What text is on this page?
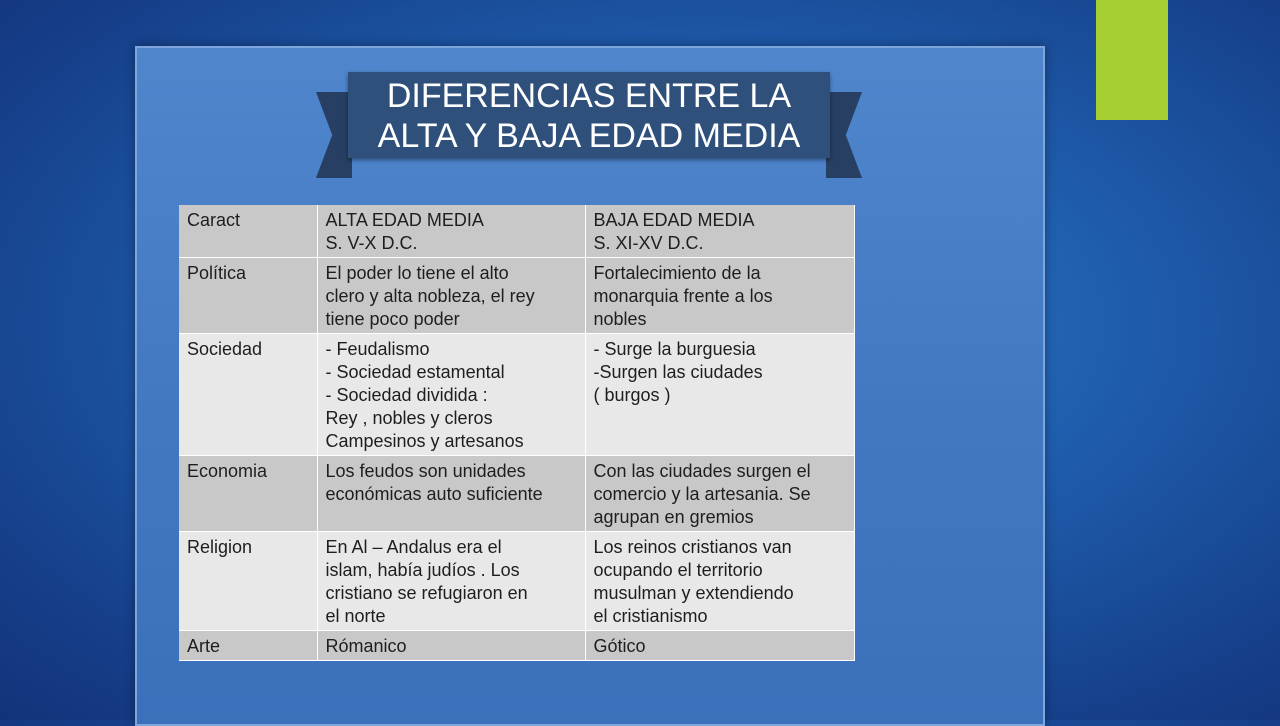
DIFERENCIAS ENTRE LA
ALTA Y BAJA EDAD MEDIA
Caract	ALTA EDAD MEDIA
S. V-X D.C.	BAJA EDAD MEDIA
S. XI-XV D.C.

Política	El poder lo tiene el alto
clero y alta nobleza, el rey
tiene poco poder	Fortalecimiento de la
monarquia frente a los
nobles

Sociedad	- Feudalismo
- Sociedad estamental
- Sociedad dividida :
Rey , nobles y cleros
Campesinos y artesanos	- Surge la burguesia
-Surgen las ciudades
( burgos )

Economia	Los feudos son unidades
económicas auto suficiente	Con las ciudades surgen el
comercio y la artesania. Se
agrupan en gremios

Religion	En Al – Andalus era el
islam, había judíos . Los
cristiano se refugiaron en
el norte	Los reinos cristianos van
ocupando el territorio
musulman y extendiendo
el cristianismo

Arte	Rómanico	Gótico
